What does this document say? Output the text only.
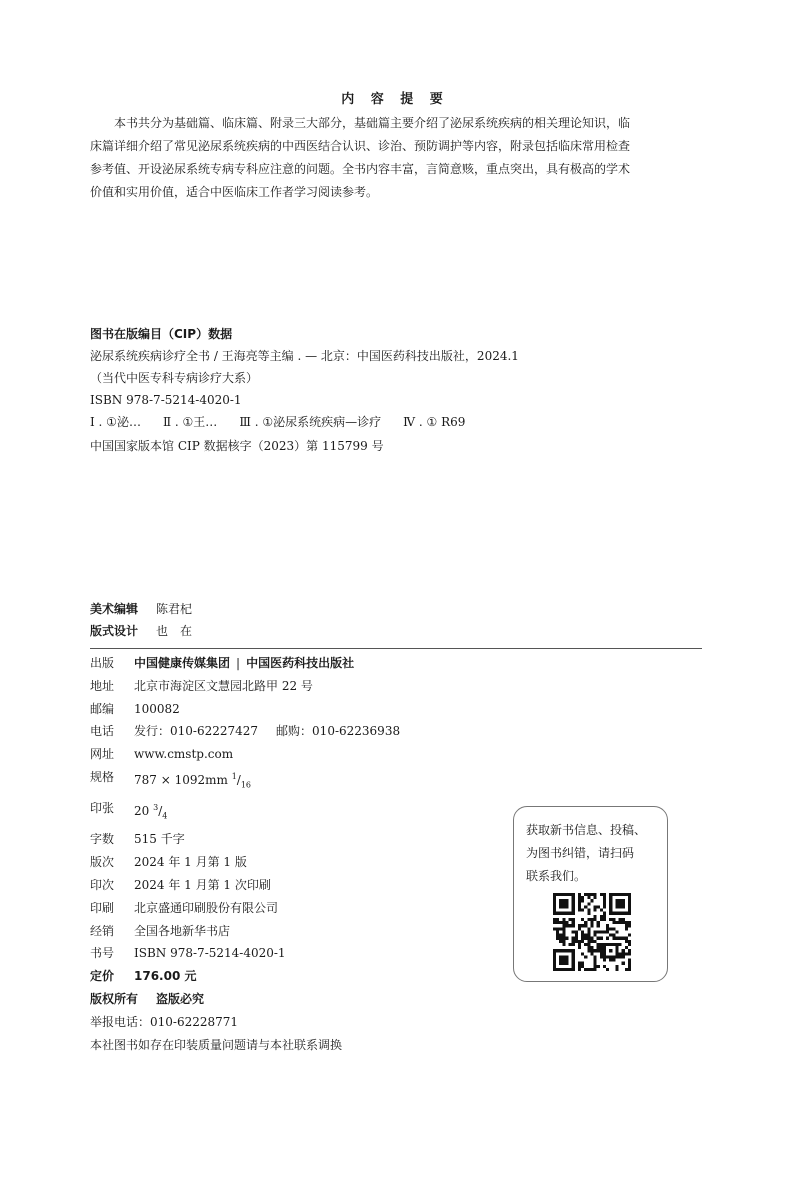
内 容 提 要
本书共分为基础篇、临床篇、附录三大部分，基础篇主要介绍了泌尿系统疾病的相关理论知识，临
床篇详细介绍了常见泌尿系统疾病的中西医结合认识、诊治、预防调护等内容，附录包括临床常用检查
参考值、开设泌尿系统专病专科应注意的问题。全书内容丰富，言简意赅，重点突出，具有极高的学术
价值和实用价值，适合中医临床工作者学习阅读参考。
图书在版编目（CIP）数据
泌尿系统疾病诊疗全书 / 王海亮等主编 . — 北京：中国医药科技出版社，2024.1
（当代中医专科专病诊疗大系）
ISBN 978-7-5214-4020-1
Ⅰ . ①泌… Ⅱ . ①王… Ⅲ . ①泌尿系统疾病—诊疗 Ⅳ . ① R69
中国国家版本馆 CIP 数据核字（2023）第 115799 号
美术编辑	陈君杞
版式设计	也　在
出版	中国健康传媒集团 | 中国医药科技出版社
地址	北京市海淀区文慧园北路甲 22 号
邮编	100082
电话	发行：010-62227427 邮购：010-62236938
网址	www.cmstp.com
规格	787 × 1092mm $^1/_{16}$
印张	20 $^3/_4$
字数	515 千字
版次	2024 年 1 月第 1 版
印次	2024 年 1 月第 1 次印刷
印刷	北京盛通印刷股份有限公司
经销	全国各地新华书店
书号	ISBN 978-7-5214-4020-1
定价	176.00 元
版权所有 盗版必究
举报电话：010-62228771
本社图书如存在印装质量问题请与本社联系调换
获取新书信息、投稿、
为图书纠错，请扫码
联系我们。
